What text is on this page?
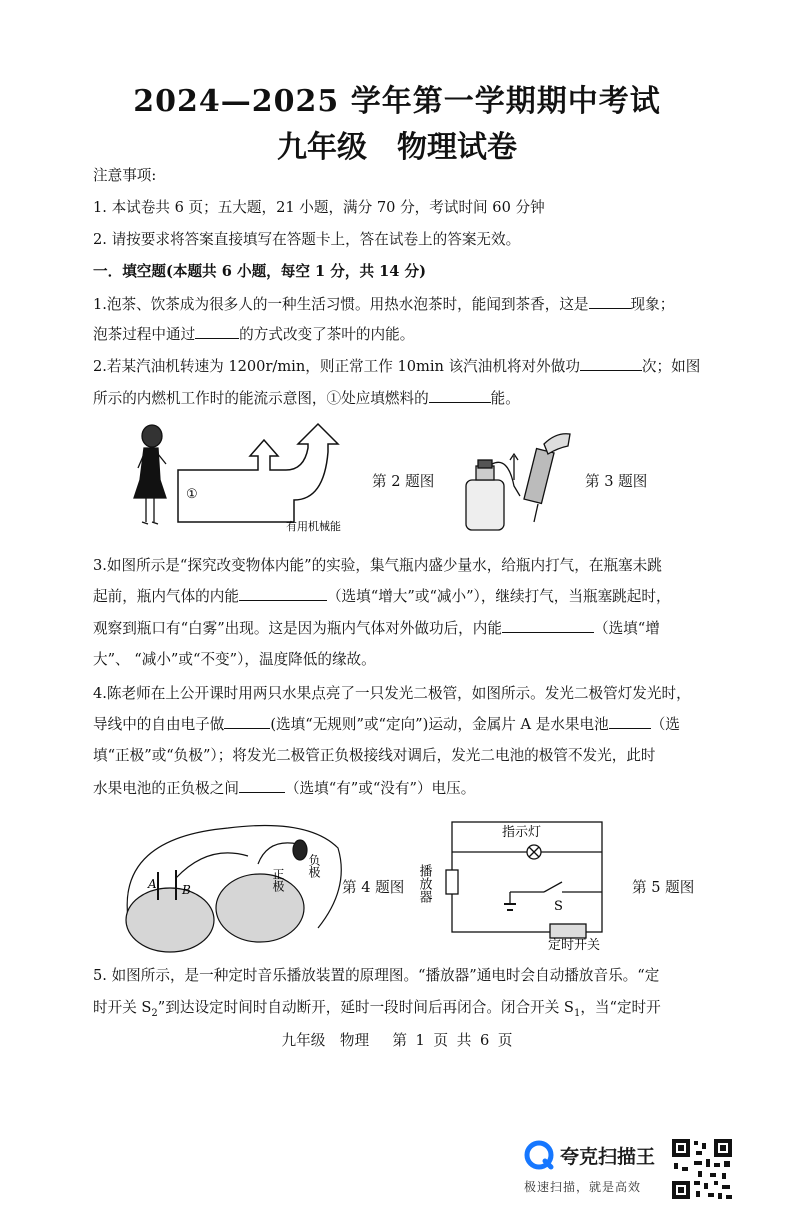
2024—2025 学年第一学期期中考试
九年级　物理试卷
注意事项:
1. 本试卷共 6 页；五大题，21 小题，满分 70 分，考试时间 60 分钟
2. 请按要求将答案直接填写在答题卡上，答在试卷上的答案无效。
一．填空题(本题共 6 小题，每空 1 分，共 14 分)
1.泡茶、饮茶成为很多人的一种生活习惯。用热水泡茶时，能闻到茶香，这是	现象；
泡茶过程中通过	的方式改变了茶叶的内能。
2.若某汽油机转速为 1200r/min，则正常工作 10min 该汽油机将对外做功	次；如图
所示的内燃机工作时的能流示意图，①处应填燃料的	能。
①
有用机械能
第 2 题图	第 3 题图
3.如图所示是“探究改变物体内能”的实验，集气瓶内盛少量水，给瓶内打气，在瓶塞未跳
起前，瓶内气体的内能	（选填“增大”或“减小”），继续打气，当瓶塞跳起时，
观察到瓶口有“白雾”出现。这是因为瓶内气体对外做功后，内能	（选填“增
大”、 “减小”或“不变”），温度降低的缘故。
4.陈老师在上公开课时用两只水果点亮了一只发光二极管，如图所示。发光二极管灯发光时，
导线中的自由电子做	(选填“无规则”或“定向”)运动，金属片 A 是水果电池	（选
填“正极”或“负极”）；将发光二极管正负极接线对调后，发光二电池的极管不发光，此时
水果电池的正负极之间	（选填“有”或“没有”）电压。
A B	正极
负极
第 4 题图
指示灯
播放器
S
定时开关
第 5 题图
5. 如图所示，是一种定时音乐播放装置的原理图。“播放器”通电时会自动播放音乐。“定
时开关 $S_2$”到达设定时间时自动断开，延时一段时间后再闭合。闭合开关 $S_1$，当“定时开
九年级　物理　 第 1 页 共 6 页
夸克扫描王
极速扫描，就是高效
